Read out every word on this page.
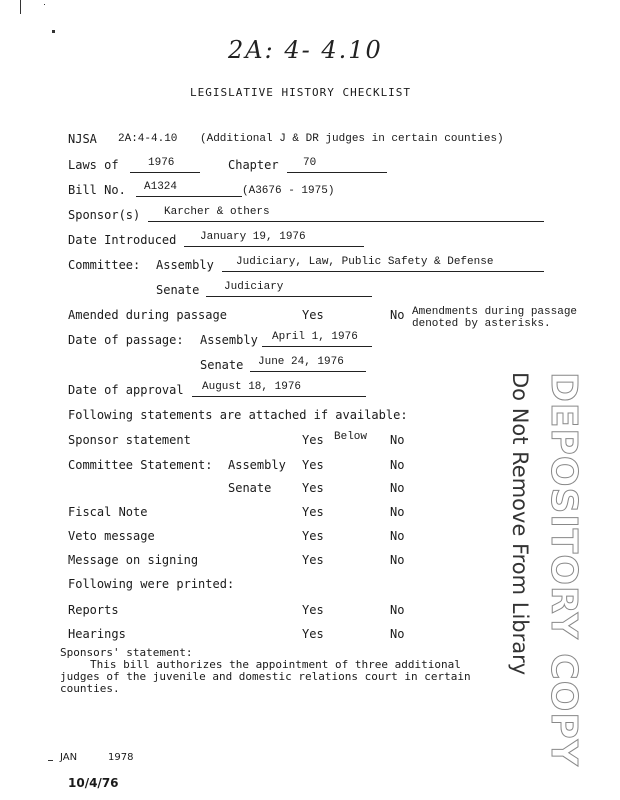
2A: 4- 4.10
LEGISLATIVE HISTORY CHECKLIST
NJSA 2A:4-4.10 (Additional J & DR judges in certain counties)
Laws of	1976	Chapter 70
Bill No. A1324	(A3676 - 1975)
Sponsor(s) Karcher & others
Date Introduced January 19, 1976
Committee: Assembly Judiciary, Law, Public Safety & Defense
Senate Judiciary
Amended during passage	Yes	No Amendments during passage
denoted by asterisks.
Date of passage: Assembly April 1, 1976
Senate June 24, 1976
Date of approval August 18, 1976
Following statements are attached if available:
Sponsor statement	Yes Below No
Committee Statement: Assembly Yes	No
Senate	Yes	No
Fiscal Note	Yes	No
Veto message	Yes	No
Message on signing	Yes	No
Following were printed:
Reports	Yes	No
Hearings	Yes	No
Sponsors' statement:
This bill authorizes the appointment of three additional
judges of the juvenile and domestic relations court in certain
counties.
Do Not Remove From Library DEPOSITORY COPY
JAN	1978
10/4/76
